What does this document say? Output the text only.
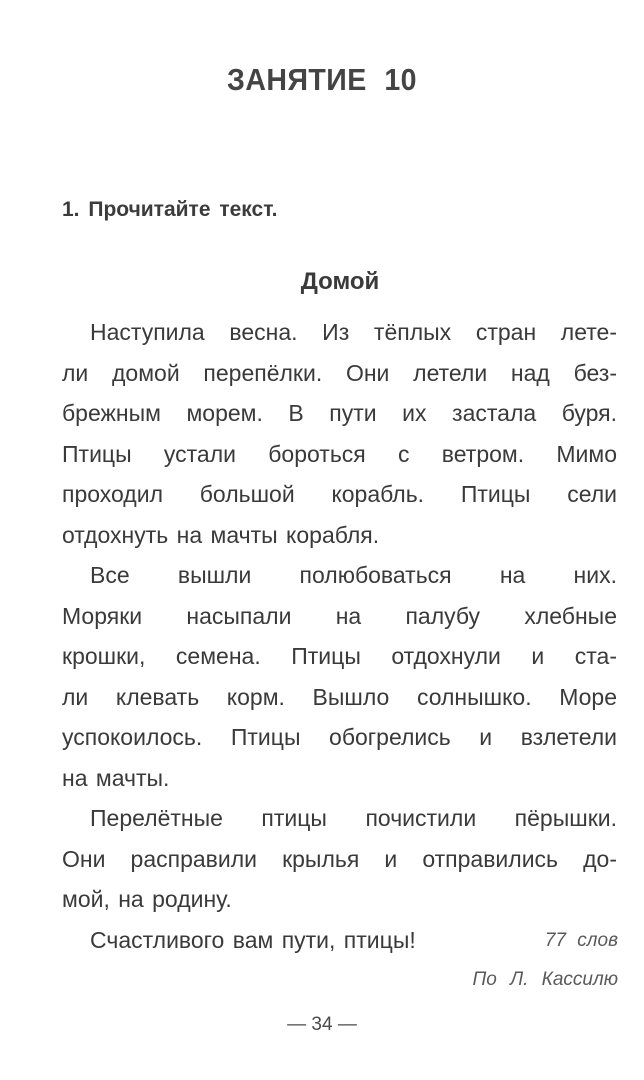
ЗАНЯТИЕ 10
1. Прочитайте текст.
Домой
Наступила весна. Из тёплых стран лете-
ли домой перепёлки. Они летели над без-
брежным морем. В пути их застала буря.
Птицы устали бороться с ветром. Мимо
проходил большой корабль. Птицы сели
отдохнуть на мачты корабля.
Все вышли полюбоваться на них.
Моряки насыпали на палубу хлебные
крошки, семена. Птицы отдохнули и ста-
ли клевать корм. Вышло солнышко. Море
успокоилось. Птицы обогрелись и взлетели
на мачты.
Перелётные птицы почистили пёрышки.
Они расправили крылья и отправились до-
мой, на родину.
Счастливого вам пути, птицы!	77 слов
По Л. Кассилю
— 34 —
